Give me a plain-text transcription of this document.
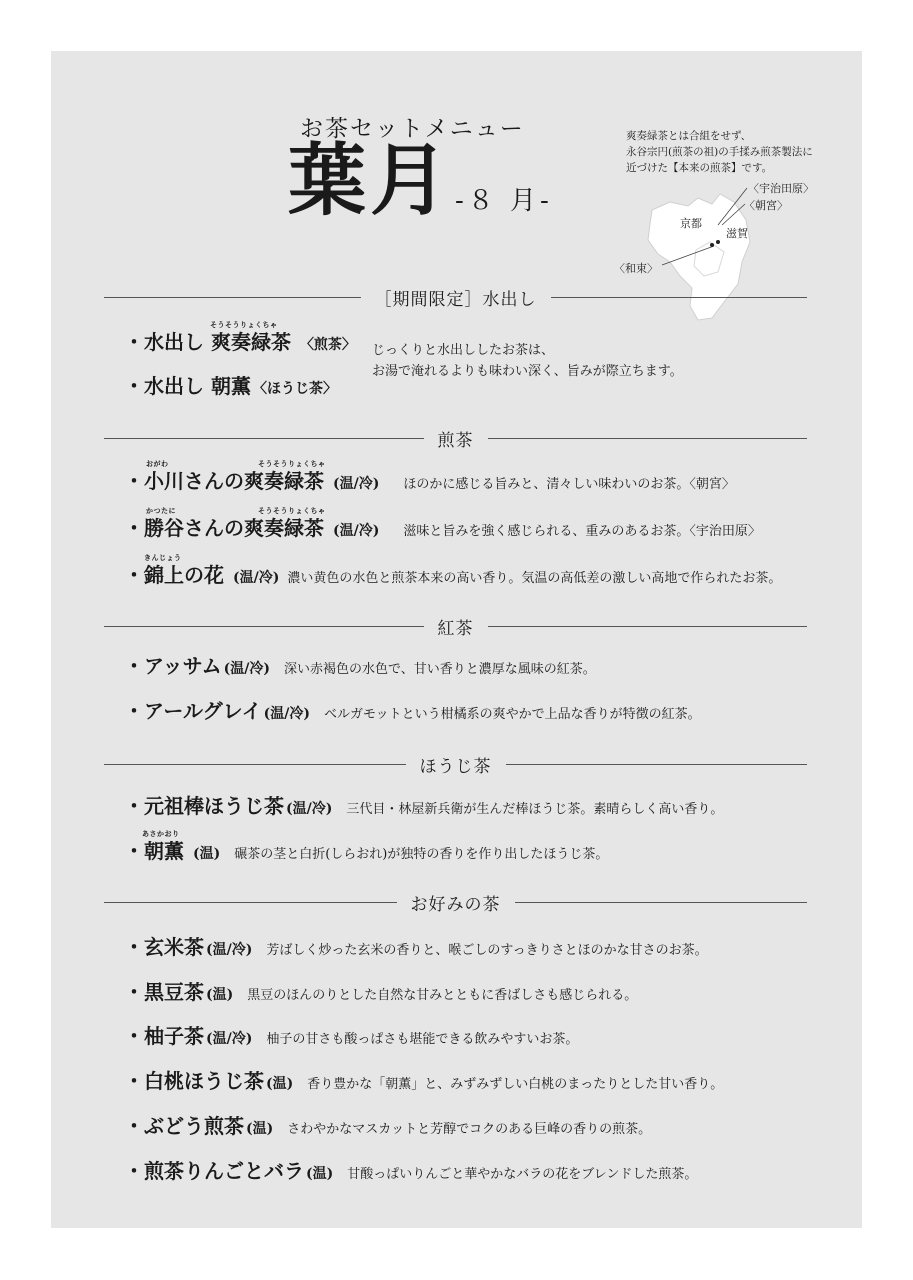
お茶セットメニュー
葉月 -８ 月-
爽奏緑茶とは合組をせず、
永谷宗円(煎茶の祖)の手揉み煎茶製法に
近づけた【本来の煎茶】です。
〈宇治田原〉
〈朝宮〉
京都
滋賀
〈和束〉
［期間限定］水出し
・水出し 爽奏緑茶
そうそうりょくちゃ
〈煎茶〉
・水出し 朝薫 〈ほうじ茶〉
じっくりと水出ししたお茶は、
お湯で淹れるよりも味わい深く、旨みが際立ちます。
煎茶
・小川さんの爽奏緑茶
おがわ	そうそうりょくちゃ
(温/冷) ほのかに感じる旨みと、清々しい味わいのお茶。〈朝宮〉
・勝谷さんの爽奏緑茶
かつたに	そうそうりょくちゃ
(温/冷) 滋味と旨みを強く感じられる、重みのあるお茶。〈宇治田原〉
・錦上の花
きんじょう
(温/冷) 濃い黄色の水色と煎茶本来の高い香り。気温の高低差の激しい高地で作られたお茶。
紅茶
・アッサム (温/冷) 深い赤褐色の水色で、甘い香りと濃厚な風味の紅茶。
・アールグレイ (温/冷) ベルガモットという柑橘系の爽やかで上品な香りが特徴の紅茶。
ほうじ茶
・元祖棒ほうじ茶 (温/冷) 三代目・林屋新兵衛が生んだ棒ほうじ茶。素晴らしく高い香り。
・朝薫
あさかおり
(温) 碾茶の茎と白折(しらおれ)が独特の香りを作り出したほうじ茶。
お好みの茶
・玄米茶 (温/冷) 芳ばしく炒った玄米の香りと、喉ごしのすっきりさとほのかな甘さのお茶。
・黒豆茶 (温) 黒豆のほんのりとした自然な甘みとともに香ばしさも感じられる。
・柚子茶 (温/冷) 柚子の甘さも酸っぱさも堪能できる飲みやすいお茶。
・白桃ほうじ茶 (温) 香り豊かな「朝薫」と、みずみずしい白桃のまったりとした甘い香り。
・ぶどう煎茶 (温) さわやかなマスカットと芳醇でコクのある巨峰の香りの煎茶。
・煎茶りんごとバラ (温) 甘酸っぱいりんごと華やかなバラの花をブレンドした煎茶。
